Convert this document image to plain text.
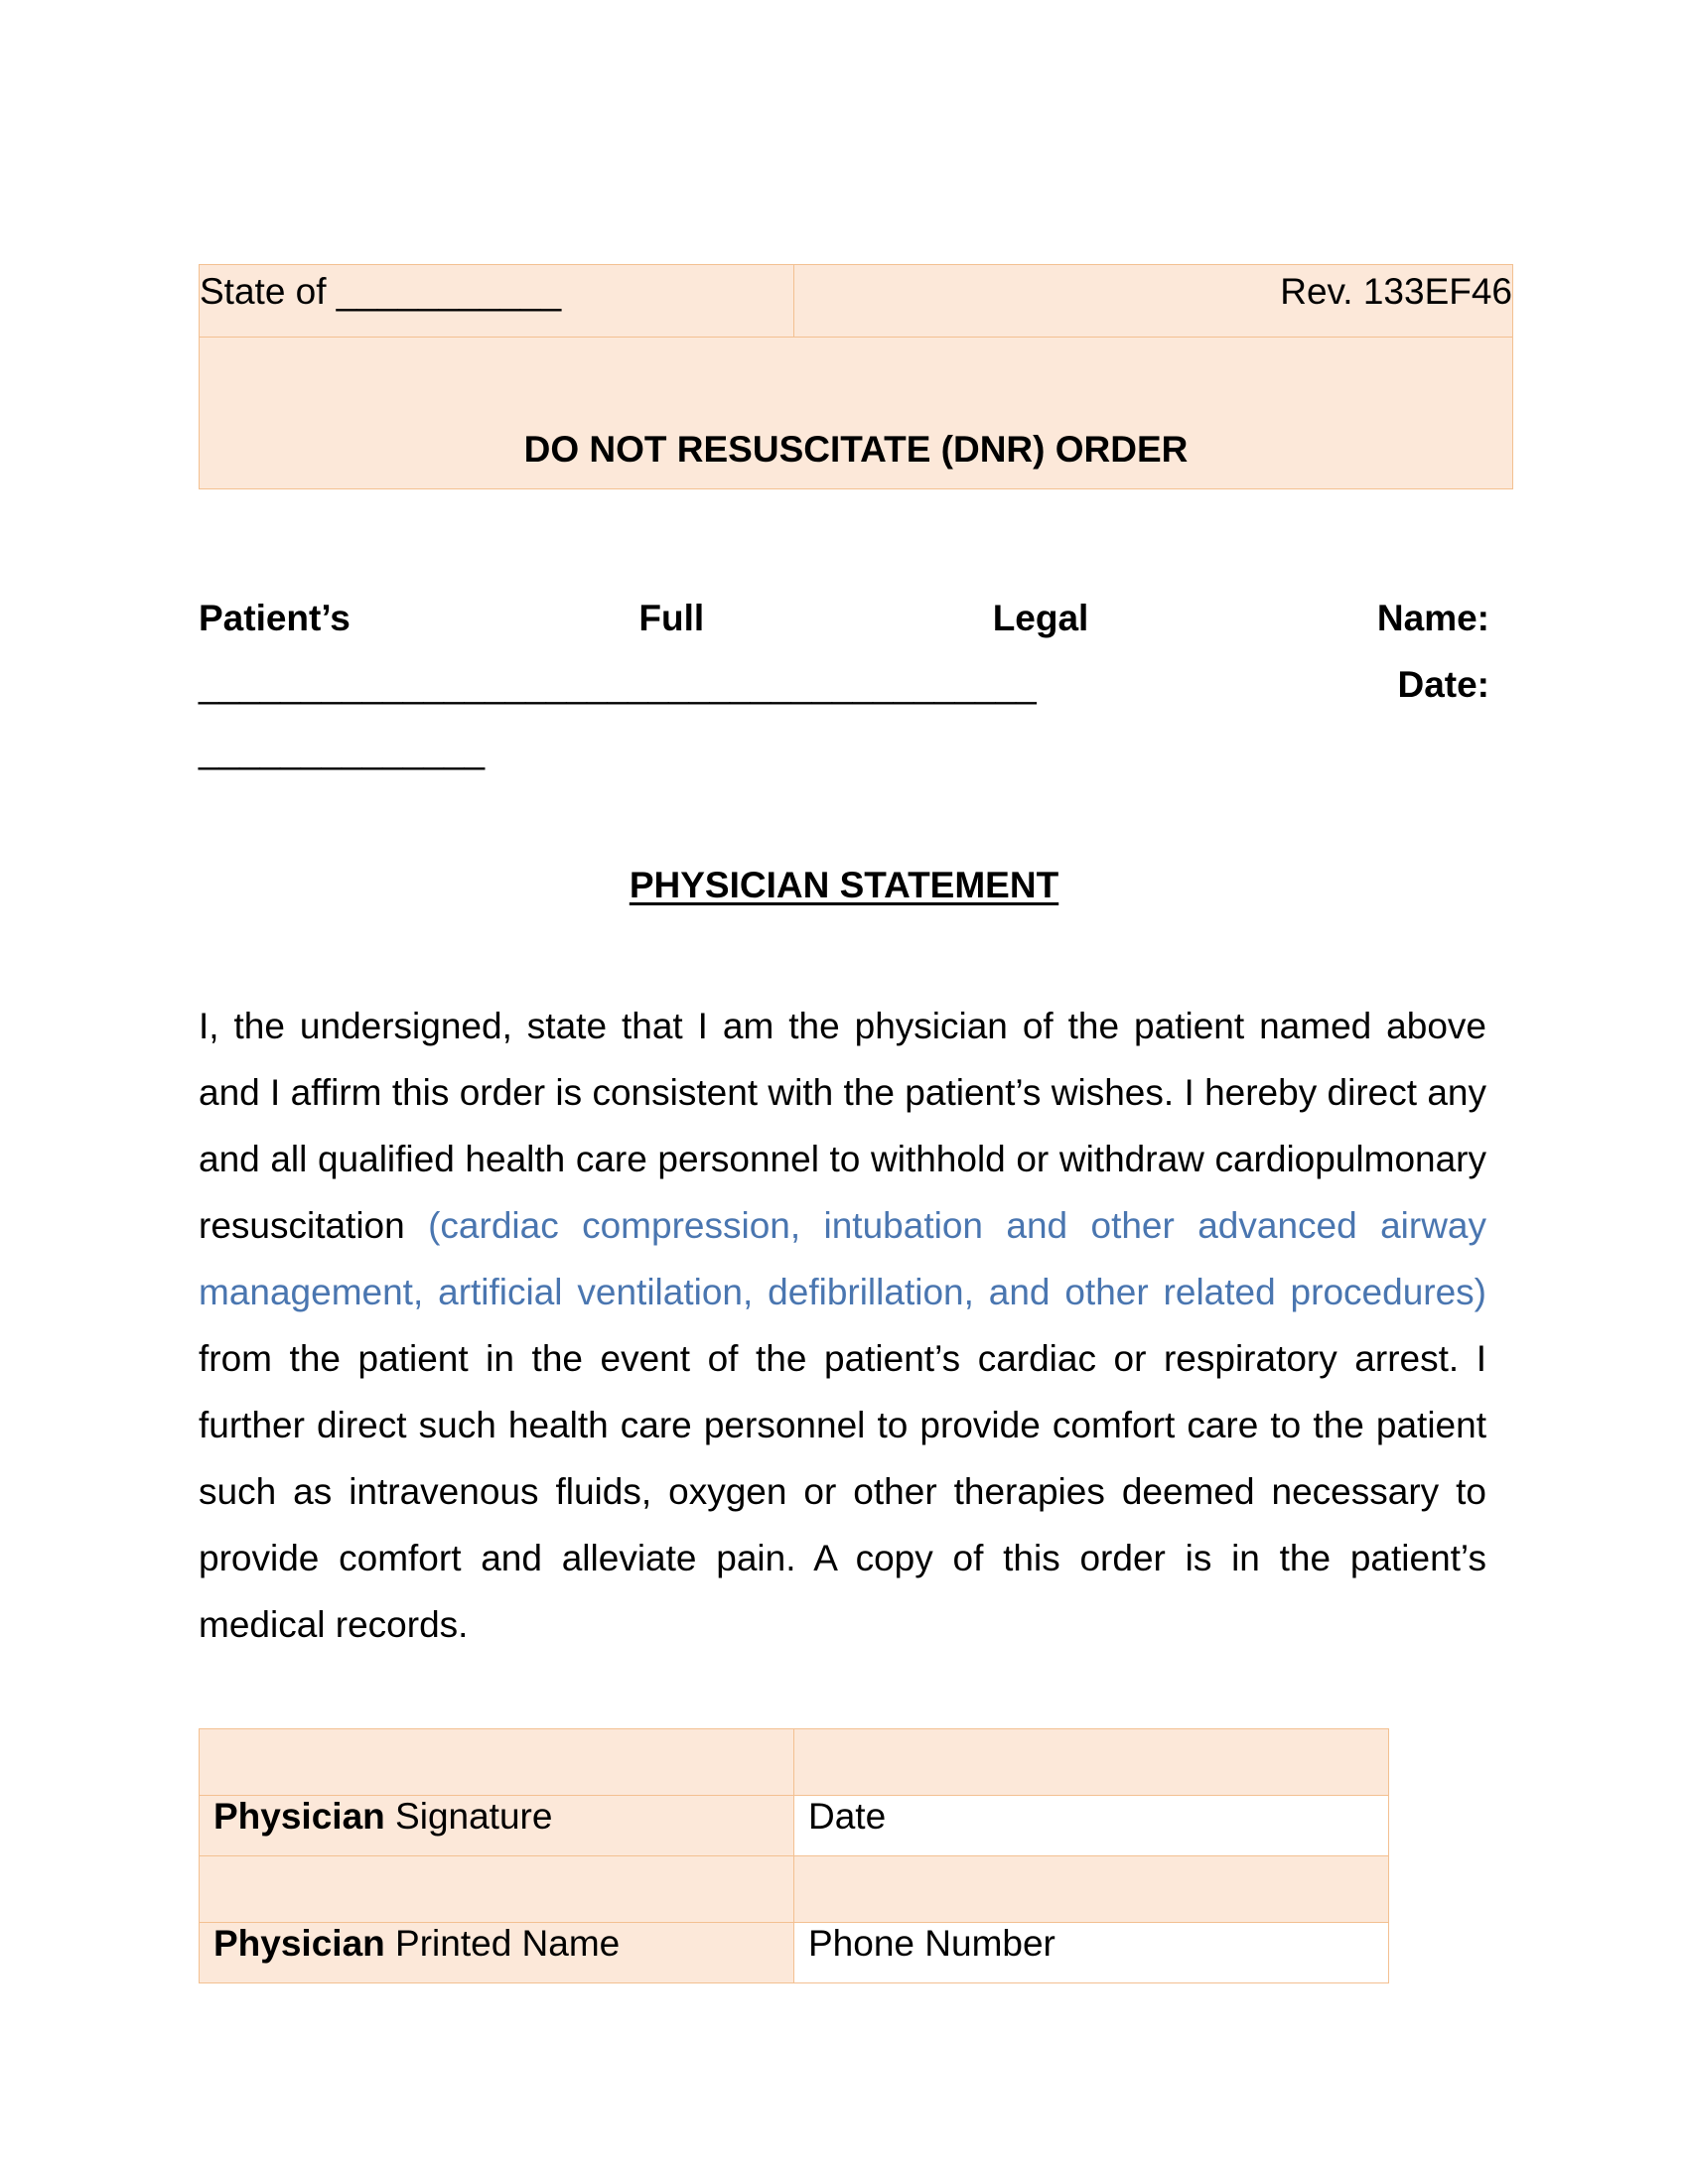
State of ___________	Rev. 133EF46
DO NOT RESUSCITATE (DNR) ORDER
Patient’s	Full	Legal	Name:
_________________________________________	Date:
______________
PHYSICIAN STATEMENT
I, the undersigned, state that I am the physician of the patient named above and I affirm this order is consistent with the patient’s wishes. I hereby direct any and all qualified health care personnel to withhold or withdraw cardiopulmonary resuscitation (cardiac compression, intubation and other advanced airway management, artificial ventilation, defibrillation, and other related procedures) from the patient in the event of the patient’s cardiac or respiratory arrest. I further direct such health care personnel to provide comfort care to the patient such as intravenous fluids, oxygen or other therapies deemed necessary to provide comfort and alleviate pain. A copy of this order is in the patient’s medical records.

Physician Signature	Date

Physician Printed Name	Phone Number
